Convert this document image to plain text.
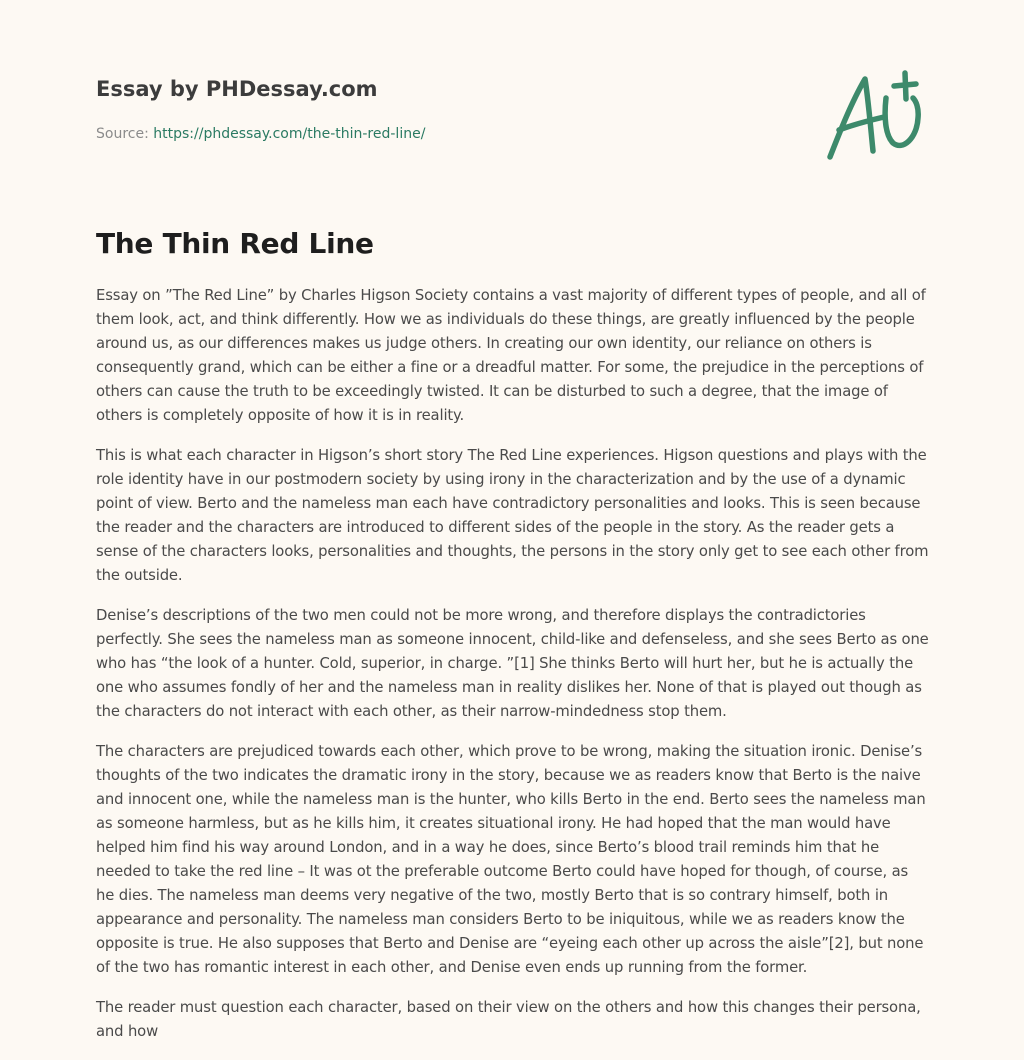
Essay by PHDessay.com
Source: https://phdessay.com/the-thin-red-line/
The Thin Red Line

Essay on ”The Red Line” by Charles Higson Society contains a vast majority of different types of people, and all of them look, act, and think differently. How we as individuals do these things, are greatly influenced by the people around us, as our differences makes us judge others. In creating our own identity, our reliance on others is consequently grand, which can be either a fine or a dreadful matter. For some, the prejudice in the perceptions of others can cause the truth to be exceedingly twisted. It can be disturbed to such a degree, that the image of others is completely opposite of how it is in reality.

This is what each character in Higson’s short story The Red Line experiences. Higson questions and plays with the role identity have in our postmodern society by using irony in the characterization and by the use of a dynamic point of view. Berto and the nameless man each have contradictory personalities and looks. This is seen because the reader and the characters are introduced to different sides of the people in the story. As the reader gets a sense of the characters looks, personalities and thoughts, the persons in the story only get to see each other from the outside.

Denise’s descriptions of the two men could not be more wrong, and therefore displays the contradictories perfectly. She sees the nameless man as someone innocent, child-like and defenseless, and she sees Berto as one who has “the look of a hunter. Cold, superior, in charge. ”[1] She thinks Berto will hurt her, but he is actually the one who assumes fondly of her and the nameless man in reality dislikes her. None of that is played out though as the characters do not interact with each other, as their narrow-mindedness stop them.

The characters are prejudiced towards each other, which prove to be wrong, making the situation ironic. Denise’s thoughts of the two indicates the dramatic irony in the story, because we as readers know that Berto is the naive and innocent one, while the nameless man is the hunter, who kills Berto in the end. Berto sees the nameless man as someone harmless, but as he kills him, it creates situational irony. He had hoped that the man would have helped him find his way around London, and in a way he does, since Berto’s blood trail reminds him that he needed to take the red line – It was ot the preferable outcome Berto could have hoped for though, of course, as he dies. The nameless man deems very negative of the two, mostly Berto that is so contrary himself, both in appearance and personality. The nameless man considers Berto to be iniquitous, while we as readers know the opposite is true. He also supposes that Berto and Denise are “eyeing each other up across the aisle”[2], but none of the two has romantic interest in each other, and Denise even ends up running from the former.

The reader must question each character, based on their view on the others and how this changes their persona, and how
